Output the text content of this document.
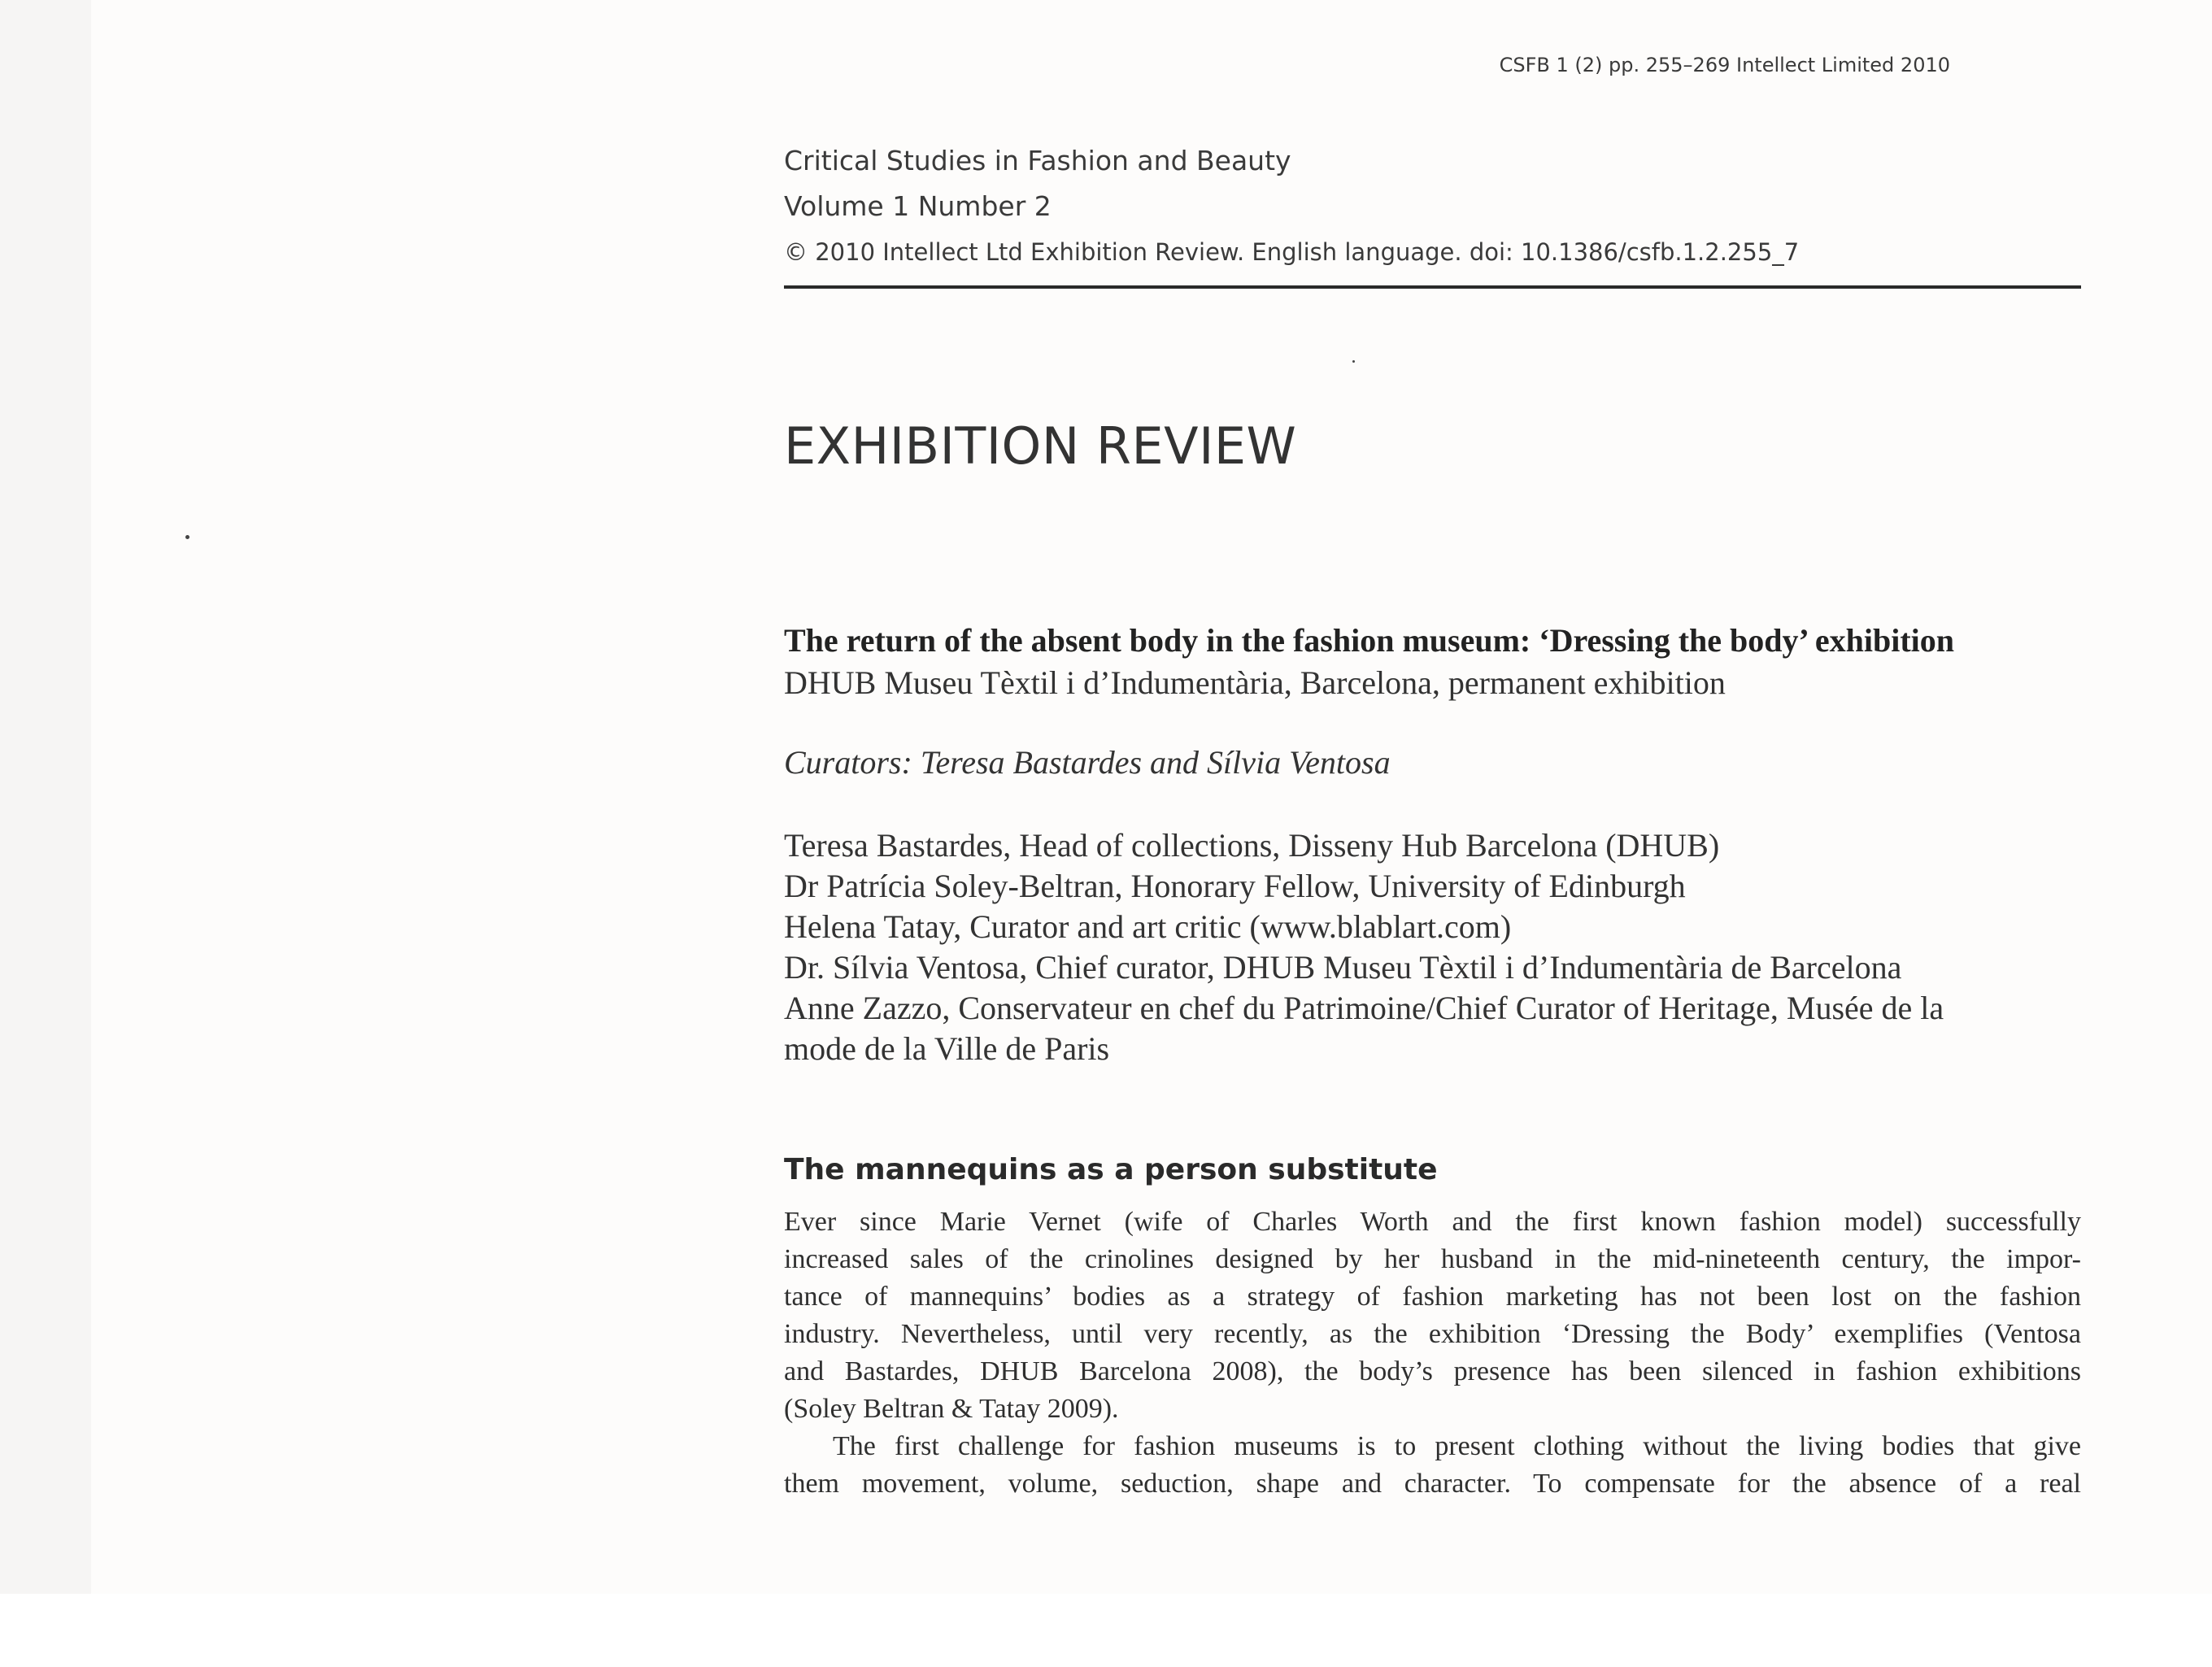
CSFB 1 (2) pp. 255–269 Intellect Limited 2010
Critical Studies in Fashion and Beauty
Volume 1 Number 2
© 2010 Intellect Ltd Exhibition Review. English language. doi: 10.1386/csfb.1.2.255_7
EXHIBITION REVIEW
The return of the absent body in the fashion museum: ‘Dressing the body’ exhibition
DHUB Museu Tèxtil i d’Indumentària, Barcelona, permanent exhibition
Curators: Teresa Bastardes and Sílvia Ventosa
Teresa Bastardes, Head of collections, Disseny Hub Barcelona (DHUB)
Dr Patrícia Soley-Beltran, Honorary Fellow, University of Edinburgh
Helena Tatay, Curator and art critic (www.blablart.com)
Dr. Sílvia Ventosa, Chief curator, DHUB Museu Tèxtil i d’Indumentària de Barcelona
Anne Zazzo, Conservateur en chef du Patrimoine/Chief Curator of Heritage, Musée de la
mode de la Ville de Paris
The mannequins as a person substitute
Ever since Marie Vernet (wife of Charles Worth and the first known fashion model) successfully
increased sales of the crinolines designed by her husband in the mid-nineteenth century, the impor-
tance of mannequins’ bodies as a strategy of fashion marketing has not been lost on the fashion
industry. Nevertheless, until very recently, as the exhibition ‘Dressing the Body’ exemplifies (Ventosa
and Bastardes, DHUB Barcelona 2008), the body’s presence has been silenced in fashion exhibitions
(Soley Beltran & Tatay 2009).
The first challenge for fashion museums is to present clothing without the living bodies that give
them movement, volume, seduction, shape and character. To compensate for the absence of a real
